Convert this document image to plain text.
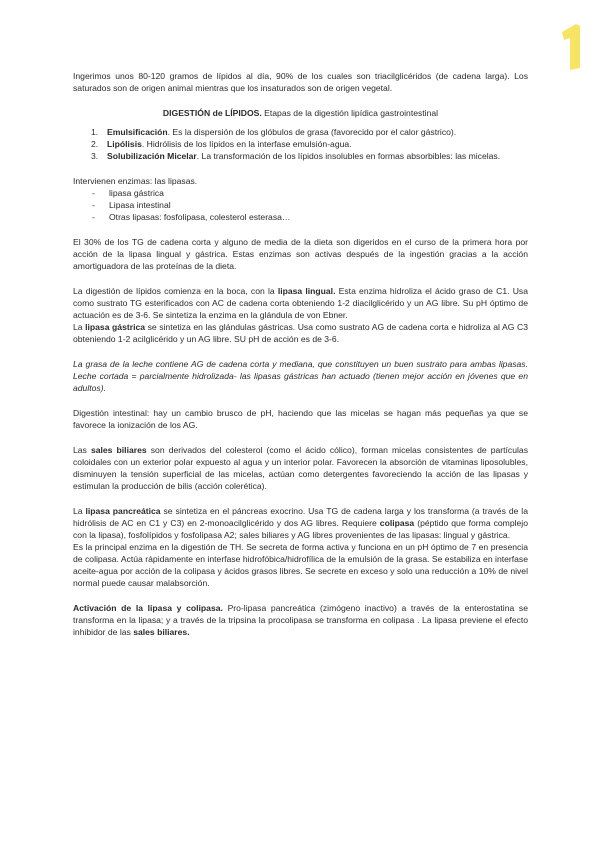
Ingerimos unos 80-120 gramos de lípidos al día, 90% de los cuales son triacilglicéridos (de cadena larga). Los saturados son de origen animal mientras que los insaturados son de origen vegetal.

DIGESTIÓN de LÍPIDOS. Etapas de la digestión lipídica gastrointestinal

1. Emulsificación. Es la dispersión de los glóbulos de grasa (favorecido por el calor gástrico).
2. Lipólisis. Hidrólisis de los lípidos en la interfase emulsión-agua.
3. Solubilización Micelar. La transformación de los lípidos insolubles en formas absorbibles: las micelas.

Intervienen enzimas: las lipasas.

- lipasa gástrica
- Lipasa intestinal
- Otras lipasas: fosfolipasa, colesterol esterasa…

El 30% de los TG de cadena corta y alguno de media de la dieta son digeridos en el curso de la primera hora por acción de la lipasa lingual y gástrica. Estas enzimas son activas después de la ingestión gracias a la acción amortiguadora de las proteínas de la dieta.

La digestión de lípidos comienza en la boca, con la lipasa lingual. Esta enzima hidroliza el ácido graso de C1. Usa como sustrato TG esterificados con AC de cadena corta obteniendo 1-2 diacilglicérido y un AG libre. Su pH óptimo de actuación es de 3-6. Se sintetiza la enzima en la glándula de von Ebner.

La lipasa gástrica se sintetiza en las glándulas gástricas. Usa como sustrato AG de cadena corta e hidroliza al AG C3 obteniendo 1-2 acilglicérido y un AG libre. SU pH de acción es de 3-6.

La grasa de la leche contiene AG de cadena corta y mediana, que constituyen un buen sustrato para ambas lipasas. Leche cortada = parcialmente hidrolizada- las lipasas gástricas han actuado (tienen mejor acción en jóvenes que en adultos).

Digestión intestinal: hay un cambio brusco de pH, haciendo que las micelas se hagan más pequeñas ya que se favorece la ionización de los AG.

Las sales biliares son derivados del colesterol (como el ácido cólico), forman micelas consistentes de partículas coloidales con un exterior polar expuesto al agua y un interior polar. Favorecen la absorción de vitaminas liposolubles, disminuyen la tensión superficial de las micelas, actúan como detergentes favoreciendo la acción de las lipasas y estimulan la producción de bilis (acción colerética).

La lipasa pancreática se sintetiza en el páncreas exocrino. Usa TG de cadena larga y los transforma (a través de la hidrólisis de AC en C1 y C3) en 2-monoacilglicérido y dos AG libres. Requiere colipasa (péptido que forma complejo con la lipasa), fosfolípidos y fosfolipasa A2; sales biliares y AG libres provenientes de las lipasas: lingual y gástrica.

Es la principal enzima en la digestión de TH. Se secreta de forma activa y funciona en un pH óptimo de 7 en presencia de colipasa. Actúa rápidamente en interfase hidrofóbica/hidrofílica de la emulsión de la grasa. Se estabiliza en interfase aceite-agua por acción de la colipasa y ácidos grasos libres. Se secrete en exceso y solo una reducción a 10% de nivel normal puede causar malabsorción.

Activación de la lipasa y colipasa. Pro-lipasa pancreática (zimógeno inactivo) a través de la enterostatina se transforma en la lipasa; y a través de la tripsina la procolipasa se transforma en colipasa . La lipasa previene el efecto inhibidor de las sales biliares.
